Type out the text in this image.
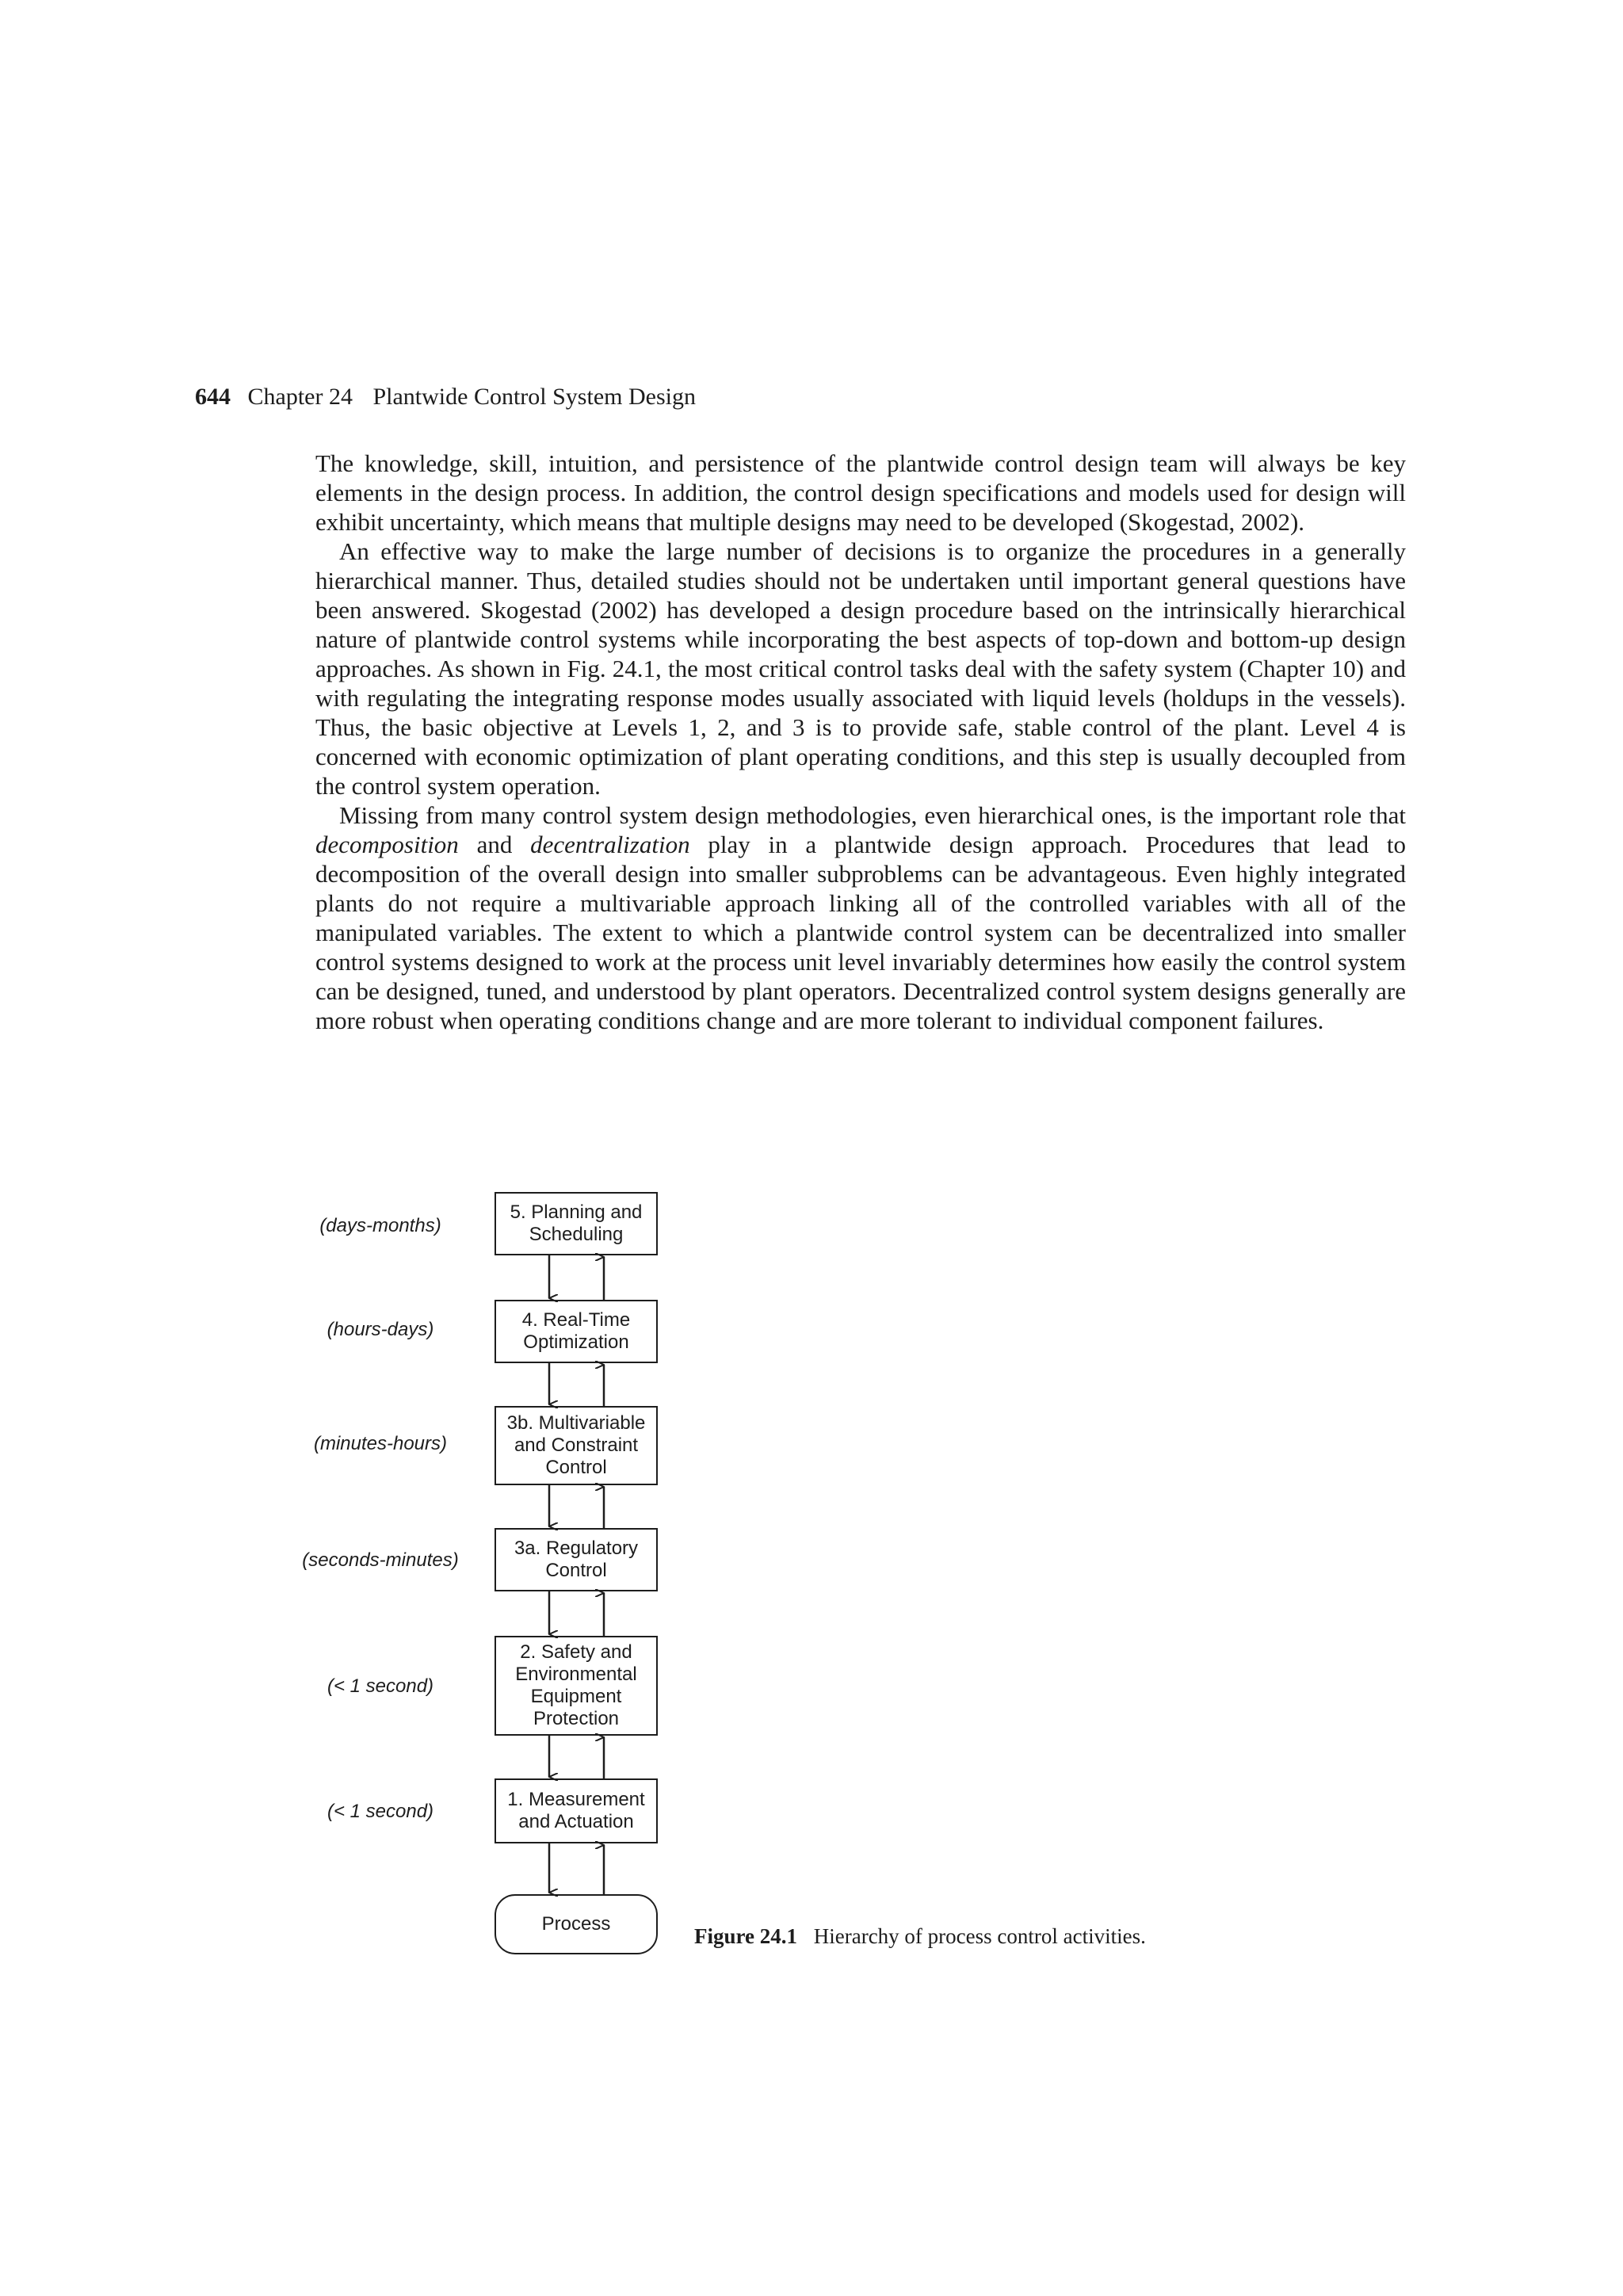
644 Chapter 24 Plantwide Control System Design

The knowledge, skill, intuition, and persistence of the plantwide control design team will always be key elements in the design process. In addition, the control design specifications and models used for design will exhibit uncertainty, which means that multiple designs may need to be developed (Skogestad, 2002).

An effective way to make the large number of decisions is to organize the procedures in a generally hierarchical manner. Thus, detailed studies should not be undertaken until important general questions have been answered. Skogestad (2002) has developed a design procedure based on the intrinsically hierarchical nature of plantwide control systems while incorporating the best aspects of top-down and bottom-up design approaches. As shown in Fig. 24.1, the most critical control tasks deal with the safety system (Chapter 10) and with regulating the integrating response modes usually associated with liquid levels (holdups in the vessels). Thus, the basic objective at Levels 1, 2, and 3 is to provide safe, stable control of the plant. Level 4 is concerned with economic optimization of plant operating conditions, and this step is usually decoupled from the control system operation.

Missing from many control system design methodologies, even hierarchical ones, is the important role that decomposition and decentralization play in a plantwide design approach. Procedures that lead to decomposition of the overall design into smaller subproblems can be advantageous. Even highly integrated plants do not require a multivariable approach linking all of the controlled variables with all of the manipulated variables. The extent to which a plantwide control system can be decentralized into smaller control systems designed to work at the process unit level invariably determines how easily the control system can be designed, tuned, and understood by plant operators. Decentralized control system designs generally are more robust when operating conditions change and are more tolerant to individual component failures.

(days-months)
5. Planning and
Scheduling
(hours-days)	4. Real-Time
Optimization
(minutes-hours)
3b. Multivariable
and Constraint
Control
(seconds-minutes)
3a. Regulatory
Control
(< 1 second)
2. Safety and
Environmental
Equipment
Protection
(< 1 second)
1. Measurement
and Actuation
Process
Figure 24.1 Hierarchy of process control activities.
